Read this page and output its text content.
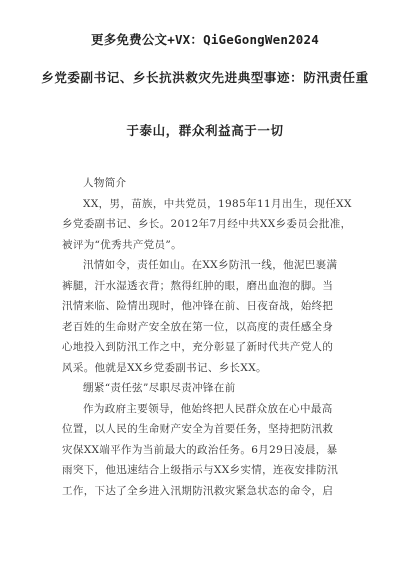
更多免费公文+VX：QiGeGongWen2024
乡党委副书记、乡长抗洪救灾先进典型事迹：防汛责任重
于泰山，群众利益高于一切
人物简介
XX，男，苗族，中共党员，1985年11月出生，现任XX
乡党委副书记、乡长。2012年7月经中共XX乡委员会批准，
被评为“优秀共产党员”。
汛情如令，责任如山。在XX乡防汛一线，他泥巴裹满
裤腿，汗水湿透衣背；熬得红肿的眼，磨出血泡的脚。当
汛情来临、险情出现时，他冲锋在前、日夜奋战，始终把
老百姓的生命财产安全放在第一位，以高度的责任感全身
心地投入到防汛工作之中，充分彰显了新时代共产党人的
风采。他就是XX乡党委副书记、乡长XX。
绷紧“责任弦”尽职尽责冲锋在前
作为政府主要领导，他始终把人民群众放在心中最高
位置，以人民的生命财产安全为首要任务，坚持把防汛救
灾保XX端平作为当前最大的政治任务。6月29日凌晨，暴
雨突下，他迅速结合上级指示与XX乡实情，连夜安排防汛
工作，下达了全乡进入汛期防汛救灾紧急状态的命令，启
